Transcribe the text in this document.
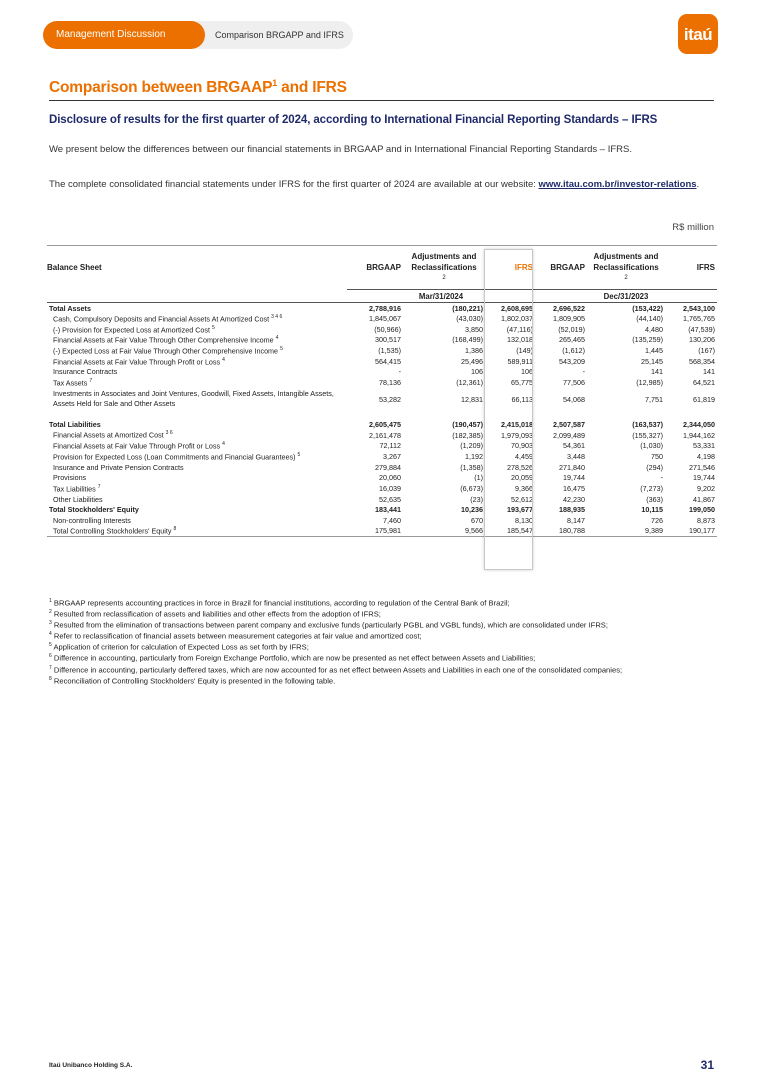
Management Discussion &Analysis
Comparison BRGAPP and IFRS	itaú
Comparison between BRGAAP$^1$ and IFRS
Disclosure of results for the first quarter of 2024, according to International Financial Reporting Standards – IFRS
We present below the differences between our financial statements in BRGAAP and in International Financial Reporting Standards – IFRS.
The complete consolidated financial statements under IFRS for the first quarter of 2024 are available at our website: www.itau.com.br/investor-relations.
R$ million
Balance Sheet	BRGAAP	Adjustments and
Reclassifications
2	IFRS	BRGAAP	Adjustments and
Reclassifications
2	IFRS
	Mar/31/2024			Dec/31/2023		
Total Assets	2,788,916	(180,221)	2,608,695	2,696,522	(153,422)	2,543,100
Cash, Compulsory Deposits and Financial Assets At Amortized Cost $^{3 4 6}$	1,845,067	(43,030)	1,802,037	1,809,905	(44,140)	1,765,765
(-) Provision for Expected Loss at Amortized Cost $^5$	(50,966)	3,850	(47,116)	(52,019)	4,480	(47,539)
Financial Assets at Fair Value Through Other Comprehensive Income $^4$	300,517	(168,499)	132,018	265,465	(135,259)	130,206
(-) Expected Loss at Fair Value Through Other Comprehensive Income $^5$	(1,535)	1,386	(149)	(1,612)	1,445	(167)
Financial Assets at Fair Value Through Profit or Loss $^4$	564,415	25,496	589,911	543,209	25,145	568,354
Insurance Contracts	-	106	106	-	141	141
Tax Assets $^7$	78,136	(12,361)	65,775	77,506	(12,985)	64,521
Investments in Associates and Joint Ventures, Goodwill, Fixed Assets, Intangible Assets, Assets Held for Sale and Other Assets	53,282	12,831	66,113	54,068	7,751	61,819

Total Liabilities	2,605,475	(190,457)	2,415,018	2,507,587	(163,537)	2,344,050
Financial Assets at Amortized Cost $^{3 6}$	2,161,478	(182,385)	1,979,093	2,099,489	(155,327)	1,944,162
Financial Assets at Fair Value Through Profit or Loss $^4$	72,112	(1,209)	70,903	54,361	(1,030)	53,331
Provision for Expected Loss (Loan Commitments and Financial Guarantees) $^5$	3,267	1,192	4,459	3,448	750	4,198
Insurance and Private Pension Contracts	279,884	(1,358)	278,526	271,840	(294)	271,546
Provisions	20,060	(1)	20,059	19,744	-	19,744
Tax Liabilities $^7$	16,039	(6,673)	9,366	16,475	(7,273)	9,202
Other Liabilities	52,635	(23)	52,612	42,230	(363)	41,867
Total Stockholders' Equity	183,441	10,236	193,677	188,935	10,115	199,050
Non-controlling Interests	7,460	670	8,130	8,147	726	8,873
Total Controlling Stockholders' Equity $^8$	175,981	9,566	185,547	180,788	9,389	190,177
$^1$ BRGAAP represents accounting practices in force in Brazil for financial institutions, according to regulation of the Central Bank of Brazil;
$^2$ Resulted from reclassification of assets and liabilities and other effects from the adoption of IFRS;
$^3$ Resulted from the elimination of transactions between parent company and exclusive funds (particularly PGBL and VGBL funds), which are consolidated under IFRS;
$^4$ Refer to reclassification of financial assets between measurement categories at fair value and amortized cost;
$^5$ Application of criterion for calculation of Expected Loss as set forth by IFRS;
$^6$ Difference in accounting, particularly from Foreign Exchange Portfolio, which are now be presented as net effect between Assets and Liabilities;
$^7$ Difference in accounting, particularly deffered taxes, which are now accounted for as net effect between Assets and Liabilities in each one of the consolidated companies;
$^8$ Reconciliation of Controlling Stockholders' Equity is presented in the following table.
Itaú Unibanco Holding S.A.	31
